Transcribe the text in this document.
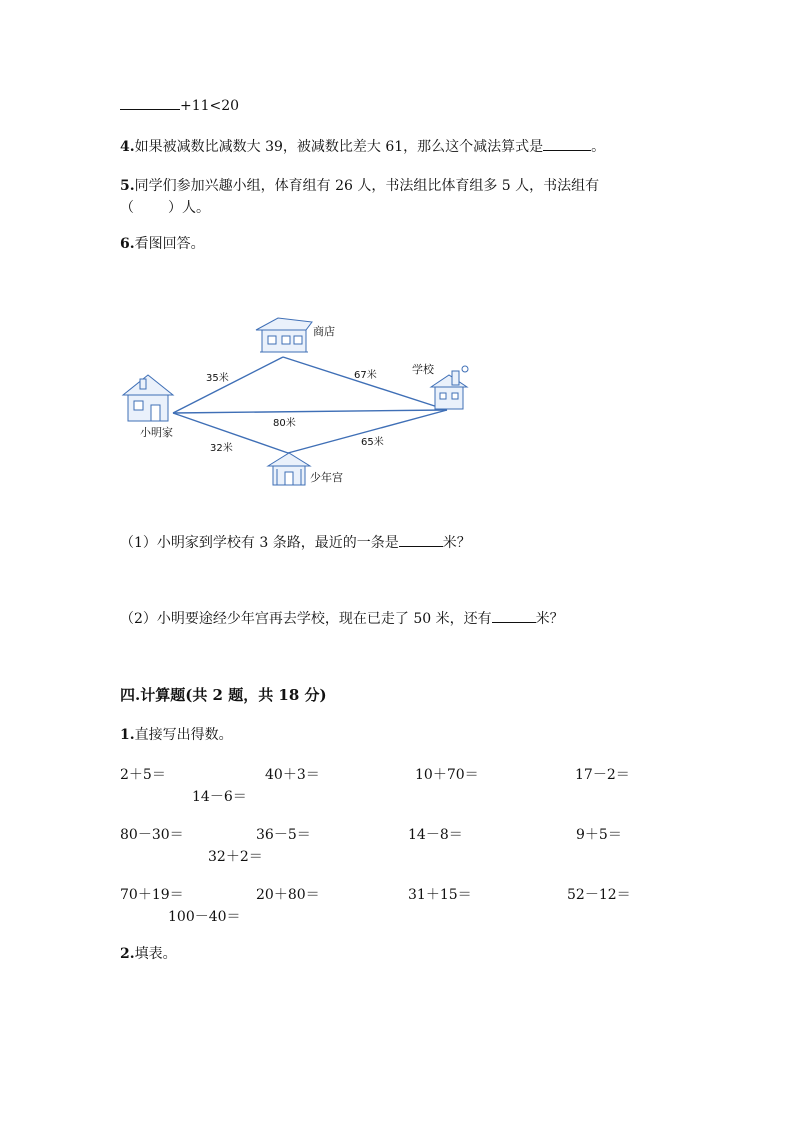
+11<20
4.如果被减数比减数大 39，被减数比差大 61，那么这个减法算式是	。
5.同学们参加兴趣小组，体育组有 26 人，书法组比体育组多 5 人，书法组有
（ ）人。
6.看图回答。
商店
学校
小明家
少年宫
35米	67米
80米
32米
65米
（1）小明家到学校有 3 条路，最近的一条是	米？
（2）小明要途经少年宫再去学校，现在已走了 50 米，还有	米？
四.计算题(共 2 题，共 18 分)
1.直接写出得数。
2＋5＝	40＋3＝	10＋70＝	17－2＝
14－6＝
80－30＝	36－5＝	14－8＝	9＋5＝
32＋2＝
70＋19＝	20＋80＝	31＋15＝	52－12＝
100－40＝
2.填表。
